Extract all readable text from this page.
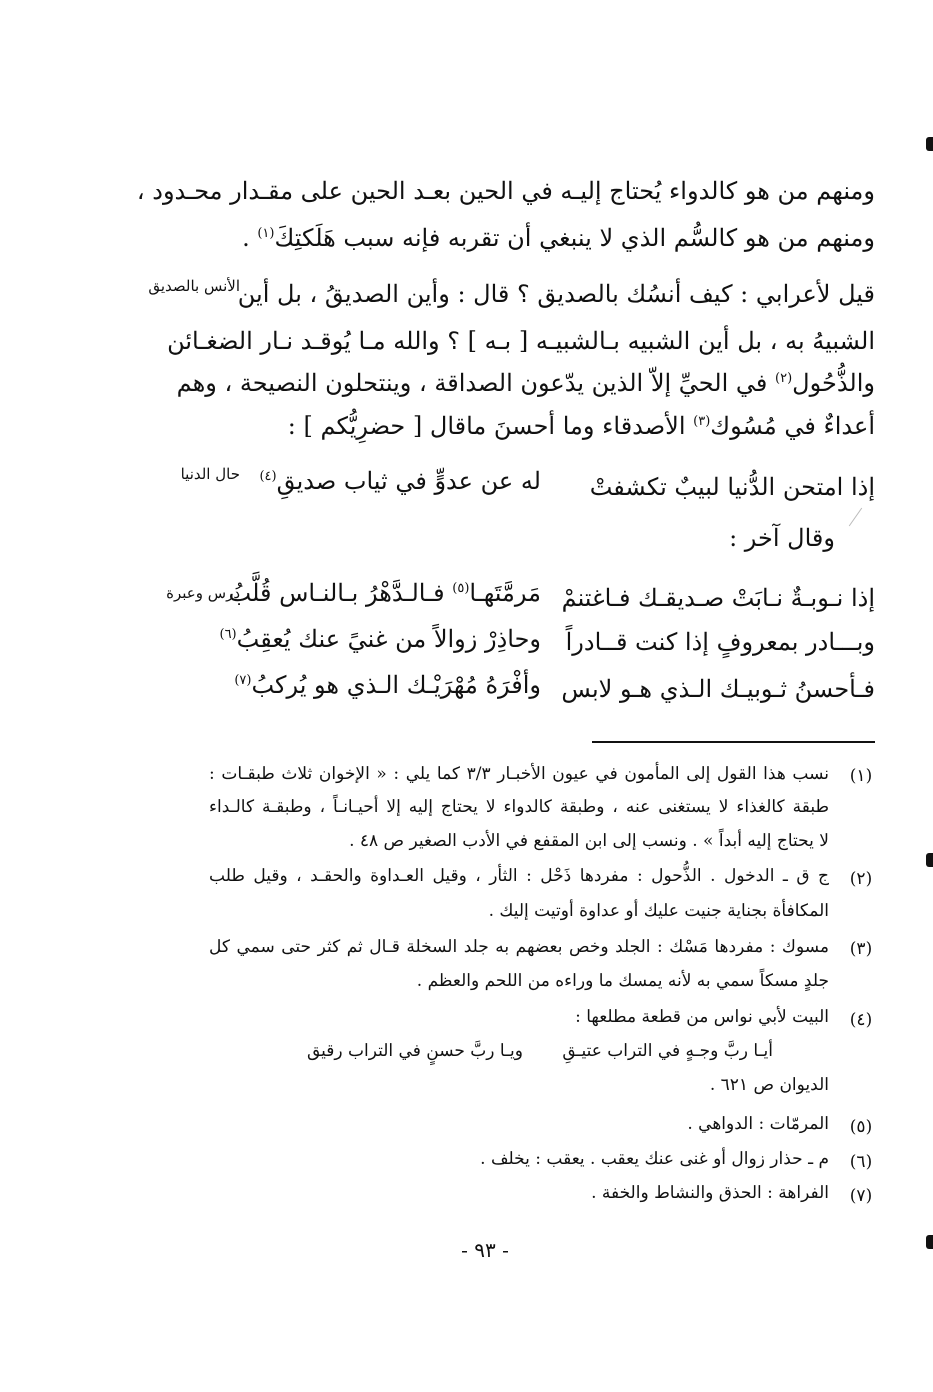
ومنهم من هو كالدواء يُحتاج إليـه في الحين بعـد الحين على مقـدار محـدود ،
ومنهم من هو كالسُّم الذي لا ينبغي أن تقربه فإنه سبب هَلَكتِكَ$^{(١)}$ .
قيل لأعرابي : كيف أنسُك بالصديق ؟ قال : وأين الصديقُ ، بل أين
الشبيهُ به ، بل أين الشبيه بـالشبيـه [ بـه ] ؟ والله مـا يُوقـد نـار الضغـائن
والذُّحُول$^{(٢)}$ في الحيِّ إلاّ الذين يدّعون الصداقة ، وينتحلون النصيحة ، وهم
أعداءٌ في مُسُوك$^{(٣)}$ الأصدقاء وما أحسنَ ماقال [ حضرِيُّكم ] :
الأنس بالصديق
حال الدنيا
درس وعبرة
إذا امتحن الدُّنيا لبيبٌ تكشفتْ
له عن عدوٍّ في ثياب صديقِ$^{(٤)}$
وقال آخر :
إذا نـوبـةٌ نـابَتْ صـديقـك فـاغتنمْ
مَرمَّتَهـا$^{(٥)}$ فـالـدَّهْرُ بـالنـاس قُلَّبُ
وبـــادر بمعروفٍ إذا كنت قــادراً
وحاذِرْ زوالاً من غنيً عنك يُعقِبُ$^{(٦)}$
فـأحسنُ ثـوبيـك الـذي هـو لابس
وأفْرَهُ مُهْرَيْـك الـذي هو يُركبُ$^{(٧)}$
(١)
نسب هذا القول إلى المأمون في عيون الأخبـار ٣/٣ كما يلي : « الإخوان ثلاث طبقـات :
طبقة كالغذاء لا يستغنى عنه ، وطبقة كالدواء لا يحتاج إليه إلا أحيـانـاً ، وطبقـة كالـداء
لا يحتاج إليه أبداً » . ونسب إلى ابن المقفع في الأدب الصغير ص ٤٨ .
(٢)
ج ق ـ الدخول . الذُّحول : مفردها ذَحْل : الثأر ، وقيل العـداوة والحقـد ، وقيل طلب
المكافأة بجناية جنيت عليك أو عداوة أوتيت إليك .
(٣)
مسوك : مفردها مَسْك : الجلد وخص بعضهم به جلد السخلة قـال ثم كثر حتى سمي كل
جلدٍ مسكاً سمي به لأنه يمسك ما وراءه من اللحم والعظم .
(٤)
البيت لأبي نواس من قطعة مطلعها :
أيـا ربَّ وجـهٍ في التراب عتيـقِ
ويـا ربَّ حسنٍ في التراب رقيق
الديوان ص ٦٢١ .
(٥)
المرمّات : الدواهي .
(٦)
م ـ حذار زوال أو غنى عنك يعقب . يعقب : يخلف .
(٧)
الفراهة : الحذق والنشاط والخفة .
- ٩٣ -
